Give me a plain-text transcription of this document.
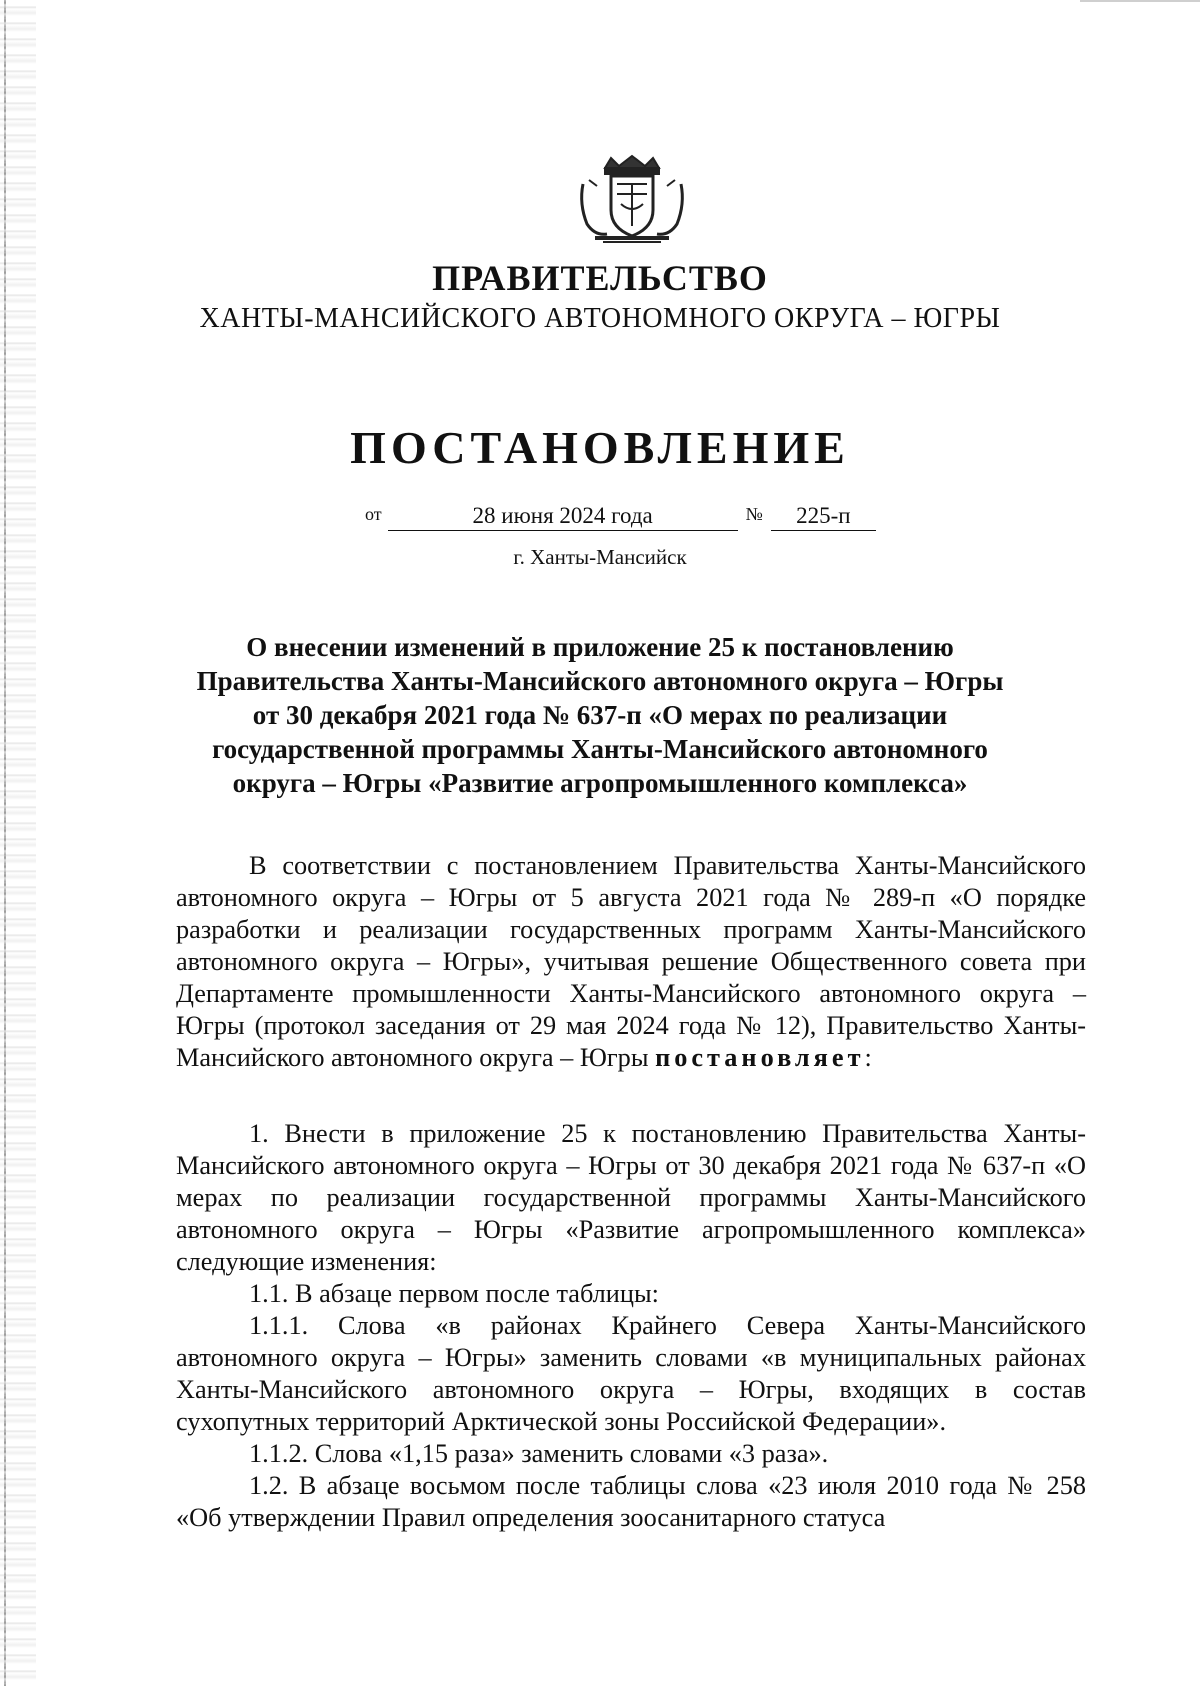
ПРАВИТЕЛЬСТВО
ХАНТЫ-МАНСИЙСКОГО АВТОНОМНОГО ОКРУГА – ЮГРЫ
ПОСТАНОВЛЕНИЕ
от	28 июня 2024 года	№ 225-п
г. Ханты-Мансийск
О внесении изменений в приложение 25 к постановлению
Правительства Ханты-Мансийского автономного округа – Югры
от 30 декабря 2021 года № 637-п «О мерах по реализации
государственной программы Ханты-Мансийского автономного
округа – Югры «Развитие агропромышленного комплекса»

В соответствии с постановлением Правительства Ханты-Мансийского автономного округа – Югры от 5 августа 2021 года № 289-п «О порядке разработки и реализации государственных программ Ханты-Мансийского автономного округа – Югры», учитывая решение Общественного совета при Департаменте промышленности Ханты-Мансийского автономного округа – Югры (протокол заседания от 29 мая 2024 года № 12), Правительство Ханты-Мансийского автономного округа – Югры постановляет:

1. Внести в приложение 25 к постановлению Правительства Ханты-Мансийского автономного округа – Югры от 30 декабря 2021 года № 637-п «О мерах по реализации государственной программы Ханты-Мансийского автономного округа – Югры «Развитие агропромышленного комплекса» следующие изменения:

1.1. В абзаце первом после таблицы:

1.1.1. Слова «в районах Крайнего Севера Ханты-Мансийского автономного округа – Югры» заменить словами «в муниципальных районах Ханты-Мансийского автономного округа – Югры, входящих в состав сухопутных территорий Арктической зоны Российской Федерации».

1.1.2. Слова «1,15 раза» заменить словами «3 раза».

1.2. В абзаце восьмом после таблицы слова «23 июля 2010 года № 258 «Об утверждении Правил определения зоосанитарного статуса
